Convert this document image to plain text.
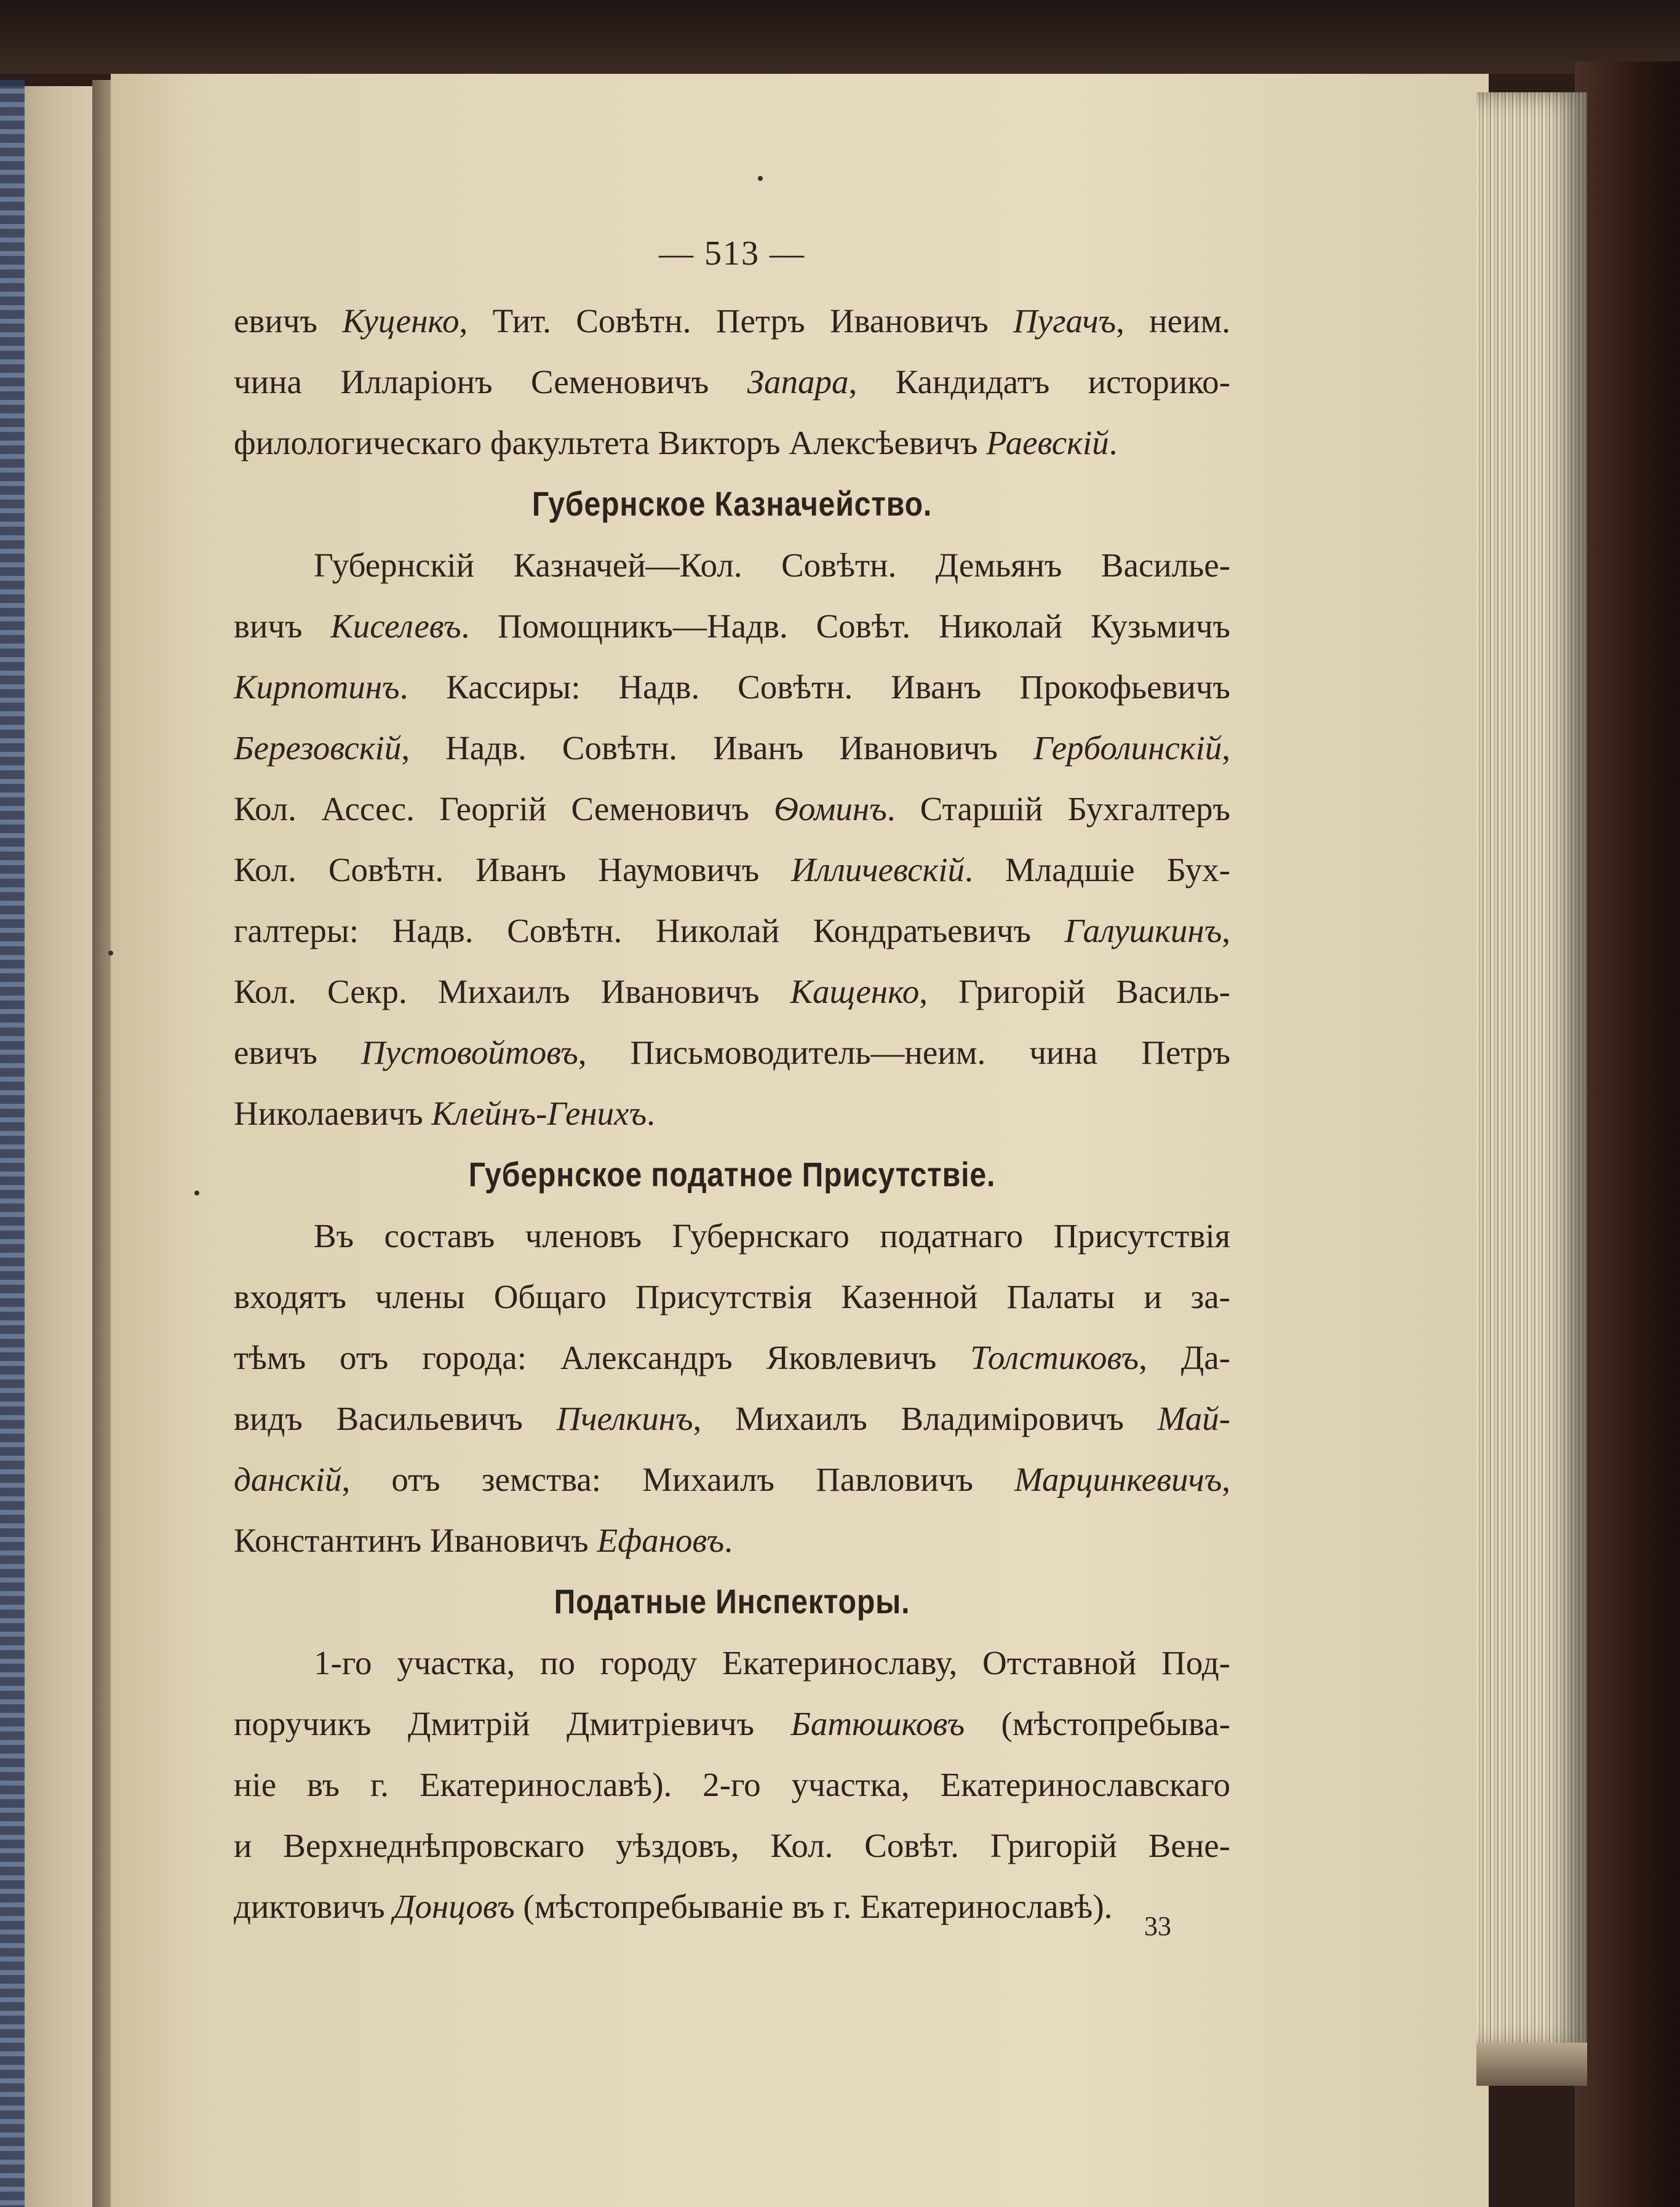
— 513 —

евичъ Куценко, Тит. Совѣтн. Петръ Ивановичъ Пугачъ, неим.

чина Илларіонъ Семеновичъ Запара, Кандидатъ историко-

филологическаго факультета Викторъ Алексѣевичъ Раевскій.

Губернское Казначейство.

Губернскій Казначей—Кол. Совѣтн. Демьянъ Василье-

вичъ Киселевъ. Помощникъ—Надв. Совѣт. Николай Кузьмичъ

Кирпотинъ. Кассиры: Надв. Совѣтн. Иванъ Прокофьевичъ

Березовскій, Надв. Совѣтн. Иванъ Ивановичъ Герболинскій,

Кол. Ассес. Георгій Семеновичъ Ѳоминъ. Старшій Бухгалтеръ

Кол. Совѣтн. Иванъ Наумовичъ Илличевскій. Младшіе Бух-

галтеры: Надв. Совѣтн. Николай Кондратьевичъ Галушкинъ,

Кол. Секр. Михаилъ Ивановичъ Кащенко, Григорій Василь-

евичъ Пустовойтовъ, Письмоводитель—неим. чина Петръ

Николаевичъ Клейнъ-Гениxъ.

Губернское податное Присутствіе.

Въ составъ членовъ Губернскаго податнаго Присутствія

входятъ члены Общаго Присутствія Казенной Палаты и за-

тѣмъ отъ города: Александръ Яковлевичъ Толстиковъ, Да-

видъ Васильевичъ Пчелкинъ, Михаилъ Владиміровичъ Май-

данскій, отъ земства: Михаилъ Павловичъ Марцинкевичъ,

Константинъ Ивановичъ Ефановъ.

Податные Инспекторы.

1-го участка, по городу Екатеринославу, Отставной Под-

поручикъ Дмитрій Дмитріевичъ Батюшковъ (мѣстопребыва-

ніе въ г. Екатеринославѣ). 2-го участка, Екатеринославскаго

и Верхнеднѣпровскаго уѣздовъ, Кол. Совѣт. Григорій Вене-

диктовичъ Донцовъ (мѣстопребываніе въ г. Екатеринославѣ).

33
